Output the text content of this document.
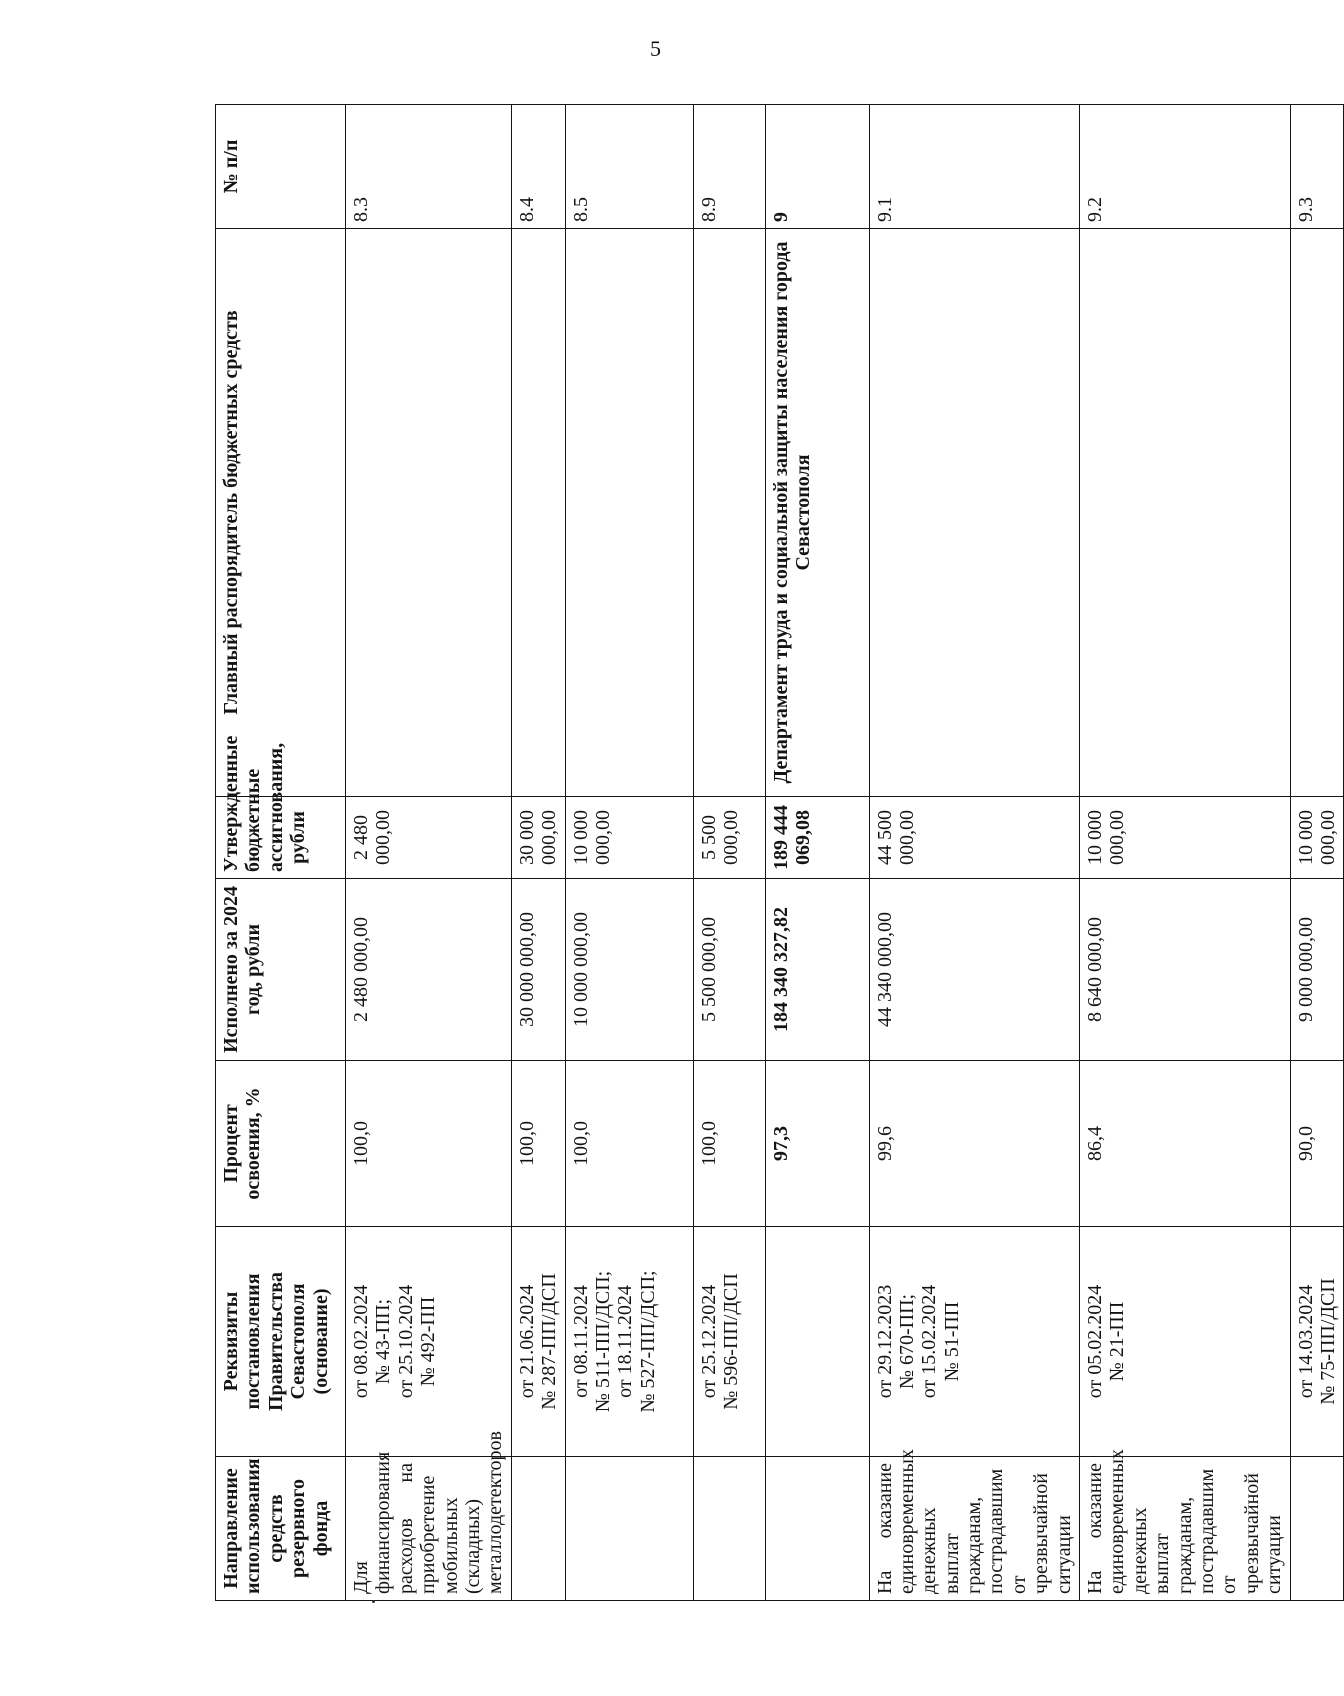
5
Направление использования средств резервного фонда	Реквизиты постановления Правительства Севастополя (основание)	Процент освоения, %	Исполнено за 2024 год, рубли	Утвержденные бюджетные ассигнования, рубли	Главный распорядитель бюджетных средств	№ п/п
Для финансирования расходов на приобретение мобильных (складных) металлодетекторов	от 08.02.2024
№ 43-ПП;
от 25.10.2024
№ 492-ПП	100,0	2 480 000,00	2 480 000,00		8.3
	от 21.06.2024
№ 287-ПП/ДСП	100,0	30 000 000,00	30 000 000,00		8.4
	от 08.11.2024
№ 511-ПП/ДСП;
от 18.11.2024
№ 527-ПП/ДСП;	100,0	10 000 000,00	10 000 000,00		8.5
	от 25.12.2024
№ 596-ПП/ДСП	100,0	5 500 000,00	5 500 000,00		8.9
		97,3	184 340 327,82	189 444 069,08	Департамент труда и социальной защиты населения города Севастополя	9
На оказание единовременных денежных выплат гражданам, пострадавшим от чрезвычайной ситуации	от 29.12.2023
№ 670-ПП;
от 15.02.2024
№ 51-ПП	99,6	44 340 000,00	44 500 000,00		9.1
На оказание единовременных денежных выплат гражданам, пострадавшим от чрезвычайной ситуации	от 05.02.2024
№ 21-ПП	86,4	8 640 000,00	10 000 000,00		9.2
	от 14.03.2024
№ 75-ПП/ДСП	90,0	9 000 000,00	10 000 000,00		9.3
